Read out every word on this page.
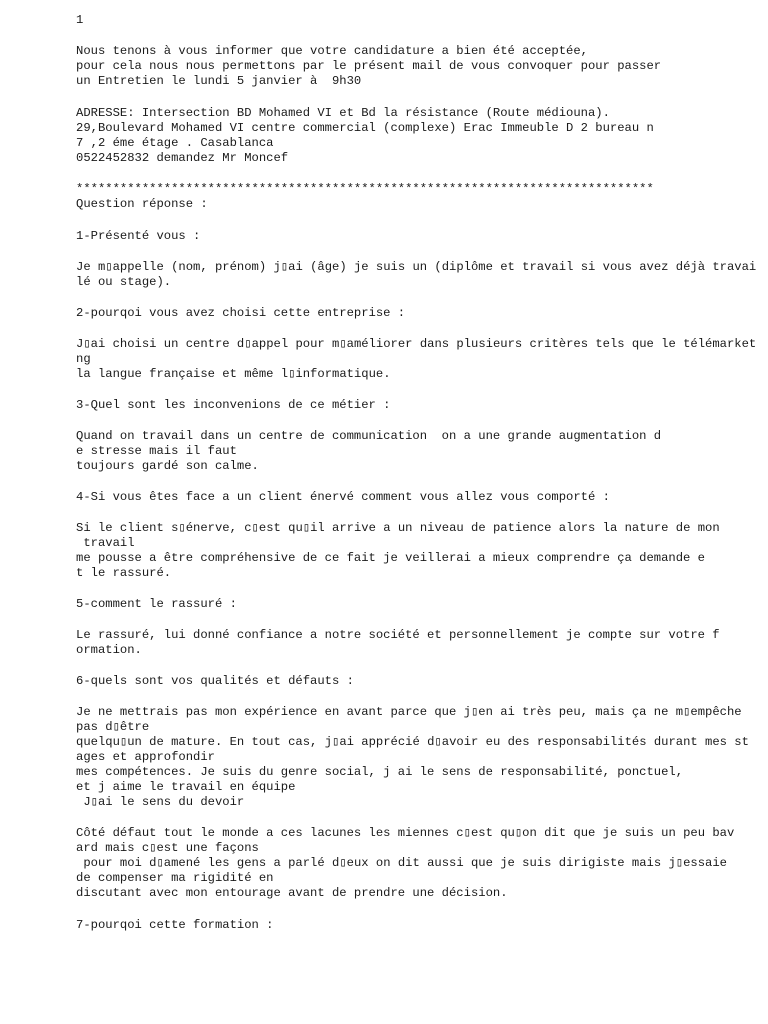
1
Nous tenons à vous informer que votre candidature a bien été acceptée,
pour cela nous nous permettons par le présent mail de vous convoquer pour passer
un Entretien le lundi 5 janvier à  9h30
ADRESSE: Intersection BD Mohamed VI et Bd la résistance (Route médiouna).
29,Boulevard Mohamed VI centre commercial (complexe) Erac Immeuble D 2 bureau n
7 ,2 éme étage . Casablanca
0522452832 demandez Mr Moncef
*******************************************************************************
Question réponse :
1-Présenté vous :
Je m▯appelle (nom, prénom) j▯ai (âge) je suis un (diplôme et travail si vous avez déjà travai
lé ou stage).
2-pourqoi vous avez choisi cette entreprise :
J▯ai choisi un centre d▯appel pour m▯améliorer dans plusieurs critères tels que le télémarket
ng
la langue française et même l▯informatique.
3-Quel sont les inconvenions de ce métier :
Quand on travail dans un centre de communication  on a une grande augmentation d
e stresse mais il faut
toujours gardé son calme.
4-Si vous êtes face a un client énervé comment vous allez vous comporté :
Si le client s▯énerve, c▯est qu▯il arrive a un niveau de patience alors la nature de mon
travail
me pousse a être compréhensive de ce fait je veillerai a mieux comprendre ça demande e
t le rassuré.
5-comment le rassuré :
Le rassuré, lui donné confiance a notre société et personnellement je compte sur votre f
ormation.
6-quels sont vos qualités et défauts :
Je ne mettrais pas mon expérience en avant parce que j▯en ai très peu, mais ça ne m▯empêche
pas d▯être
quelqu▯un de mature. En tout cas, j▯ai apprécié d▯avoir eu des responsabilités durant mes st
ages et approfondir
mes compétences. Je suis du genre social, j ai le sens de responsabilité, ponctuel,
et j aime le travail en équipe
J▯ai le sens du devoir
Côté défaut tout le monde a ces lacunes les miennes c▯est qu▯on dit que je suis un peu bav
ard mais c▯est une façons
pour moi d▯amené les gens a parlé d▯eux on dit aussi que je suis dirigiste mais j▯essaie
de compenser ma rigidité en
discutant avec mon entourage avant de prendre une décision.
7-pourqoi cette formation :
